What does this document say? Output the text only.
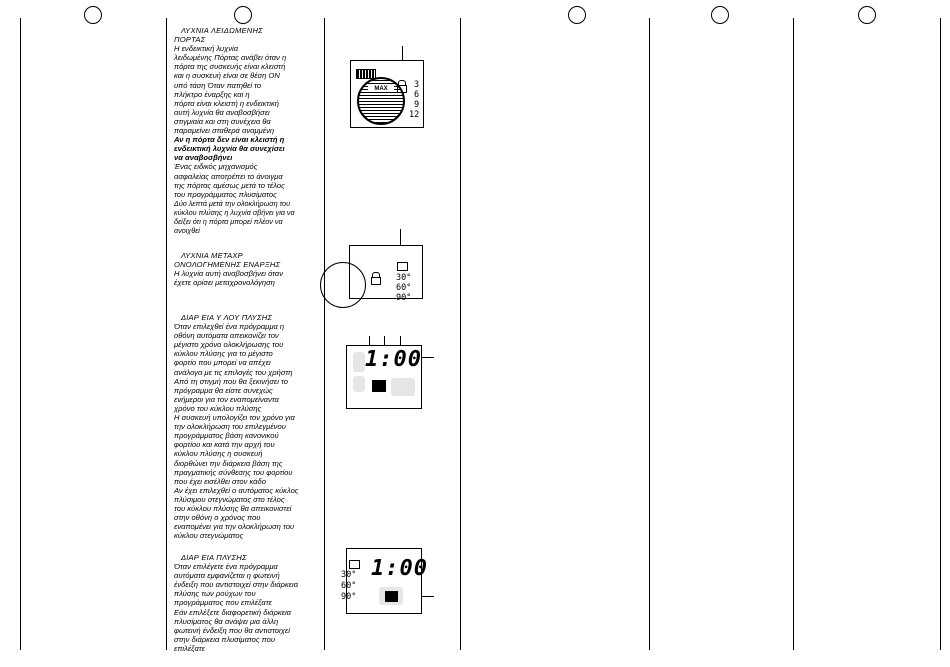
ΛΥΧΝΙΑ ΛΕΙΔΩΜΕΝΗΣ

ΠΟΡΤΑΣ

Η ενδεικτική λυχνία

λειδωμένης Πόρτας ανάβει όταν η

πόρτα της συσκευής είναι κλειστή

και η συσκευή είναι σε θέση ON

υπό τάση Όταν πατηθεί το

πλήκτρο έναρξης και η

πόρτα είναι κλειστή η ενδεικτική

αυτή λυχνία θα αναβοσβήσει

στιγμιαία και στη συνέχεια θα

παραμείνει σταθερά αναμμένη

Αν η πόρτα δεν είναι κλειστή η

ενδεικτική λυχνία θα συνεχίσει

να αναβοσβήνει

Ένας ειδικός μηχανισμός

ασφαλείας αποτρέπει το άνοιγμα

της πόρτας αμέσως μετά το τέλος

του προγράμματος πλυσίματος

Δύο λεπτά μετά την ολοκλήρωση του

κύκλου πλύσης η λυχνία σβήνει για να

δείξει ότι η πόρτα μπορεί πλέον να

ανοιχθεί

ΛΥΧΝΙΑ ΜΕΤΑΧΡ

ΟΝΟΛΟΓΗΜΕΝΗΣ ΕΝΑΡΞΗΣ

Η λυχνία αυτή αναβοσβήνει όταν

έχετε ορίσει μεταχρονολόγηση

ΔΙΑΡ ΕΙΑ Υ ΛΟΥ ΠΛΥΣΗΣ

Όταν επιλεχθεί ένα πρόγραμμα η

οθόνη αυτόματα απεικονίζει τον

μέγιστο χρόνο ολοκλήρωσης του

κύκλου πλύσης για το μέγιστο

φορτίο που μπορεί να απέχει

ανάλογα με τις επιλογές του χρήστη

Από τη στιγμή που θα ξεκινήσει το

πρόγραμμα θα είστε συνεχώς

ενήμεροι για τον εναπομείναντα

χρόνο του κύκλου πλύσης

Η συσκευή υπολογίζει τον χρόνο για

την ολοκλήρωση του επιλεγμένου

προγράμματος βάση κανονικού

φορτίου και κατά την αρχή του

κύκλου πλύσης η συσκευή

διορθώνει την διάρκεια βάση της

πραγματικής σύνθεσης του φορτίου

που έχει εισέλθει στον κάδο

Αν έχει επιλεχθεί ο αυτόματος κύκλος

πλύσιμου στεγνώματος στο τέλος

του κύκλου πλύσης θα απεικονιστεί

στην οθόνη ο χρόνος που

εναπομένει για την ολοκλήρωση του

κύκλου στεγνώματος

ΔΙΑΡ ΕΙΑ ΠΛΥΣΗΣ

Όταν επιλέγετε ένα πρόγραμμα

αυτόματα εμφανίζεται η φωτεινή

ένδειξη που αντιστοιχεί στην διάρκεια

πλύσης των ρούχων του

προγράμματος που επιλέξατε

Εάν επιλέξετε διαφορετική διάρκεια

πλυσίματος θα ανάψει μια άλλη

φωτεινή ένδειξη που θα αντιστοιχεί

στην διάρκεια πλυσίματος που

επιλέξατε

MAX	3
6
9
12
30°
60°
90°
1:00
30°
60°
90°
1:00
